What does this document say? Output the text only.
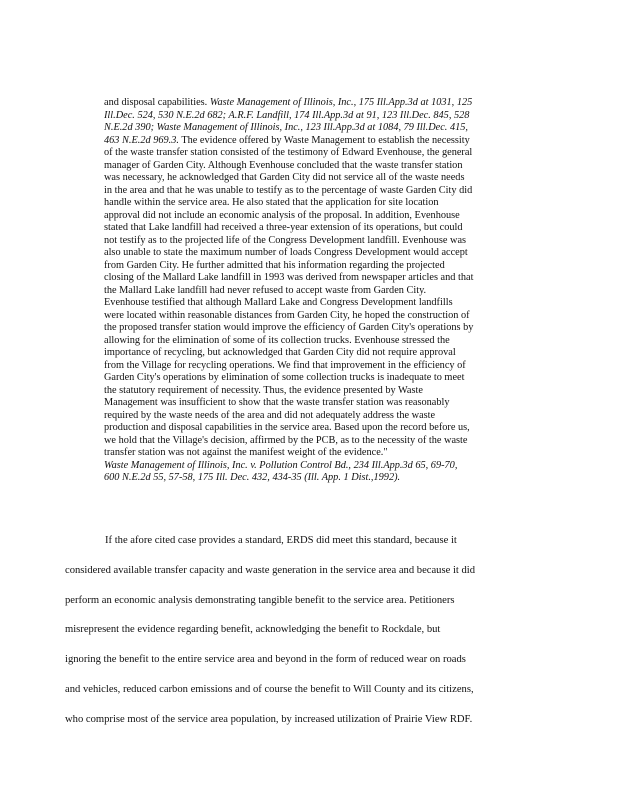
and disposal capabilities. Waste Management of Illinois, Inc., 175 Ill.App.3d at 1031, 125
Ill.Dec. 524, 530 N.E.2d 682; A.R.F. Landfill, 174 Ill.App.3d at 91, 123 Ill.Dec. 845, 528
N.E.2d 390; Waste Management of Illinois, Inc., 123 Ill.App.3d at 1084, 79 Ill.Dec. 415,
463 N.E.2d 969.3. The evidence offered by Waste Management to establish the necessity
of the waste transfer station consisted of the testimony of Edward Evenhouse, the general
manager of Garden City. Although Evenhouse concluded that the waste transfer station
was necessary, he acknowledged that Garden City did not service all of the waste needs
in the area and that he was unable to testify as to the percentage of waste Garden City did
handle within the service area. He also stated that the application for site location
approval did not include an economic analysis of the proposal. In addition, Evenhouse
stated that Lake landfill had received a three-year extension of its operations, but could
not testify as to the projected life of the Congress Development landfill. Evenhouse was
also unable to state the maximum number of loads Congress Development would accept
from Garden City. He further admitted that his information regarding the projected
closing of the Mallard Lake landfill in 1993 was derived from newspaper articles and that
the Mallard Lake landfill had never refused to accept waste from Garden City.
Evenhouse testified that although Mallard Lake and Congress Development landfills
were located within reasonable distances from Garden City, he hoped the construction of
the proposed transfer station would improve the efficiency of Garden City's operations by
allowing for the elimination of some of its collection trucks. Evenhouse stressed the
importance of recycling, but acknowledged that Garden City did not require approval
from the Village for recycling operations. We find that improvement in the efficiency of
Garden City's operations by elimination of some collection trucks is inadequate to meet
the statutory requirement of necessity. Thus, the evidence presented by Waste
Management was insufficient to show that the waste transfer station was reasonably
required by the waste needs of the area and did not adequately address the waste
production and disposal capabilities in the service area. Based upon the record before us,
we hold that the Village's decision, affirmed by the PCB, as to the necessity of the waste
transfer station was not against the manifest weight of the evidence."
Waste Management of Illinois, Inc. v. Pollution Control Bd., 234 Ill.App.3d 65, 69-70,
600 N.E.2d 55, 57-58, 175 Ill. Dec. 432, 434-35 (Ill. App. 1 Dist.,1992).
If the afore cited case provides a standard, ERDS did meet this standard, because it
considered available transfer capacity and waste generation in the service area and because it did
perform an economic analysis demonstrating tangible benefit to the service area. Petitioners
misrepresent the evidence regarding benefit, acknowledging the benefit to Rockdale, but
ignoring the benefit to the entire service area and beyond in the form of reduced wear on roads
and vehicles, reduced carbon emissions and of course the benefit to Will County and its citizens,
who comprise most of the service area population, by increased utilization of Prairie View RDF.
